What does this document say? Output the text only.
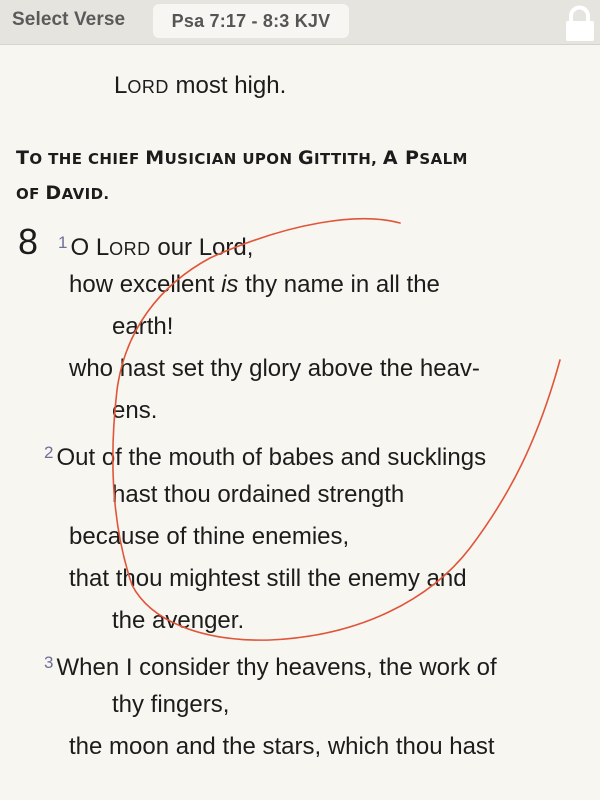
Select Verse	Psa 7:17 - 8:3 KJV
LORD most high.
TO THE CHIEF MUSICIAN UPON GITTITH, A PSALM
OF DAVID.
8 $^1$ O LORD our Lord,
how excellent is thy name in all the
earth!
who hast set thy glory above the heav-
ens.
$^2$ Out of the mouth of babes and sucklings
hast thou ordained strength
because of thine enemies,
that thou mightest still the enemy and
the avenger.
$^3$ When I consider thy heavens, the work of
thy fingers,
the moon and the stars, which thou hast
